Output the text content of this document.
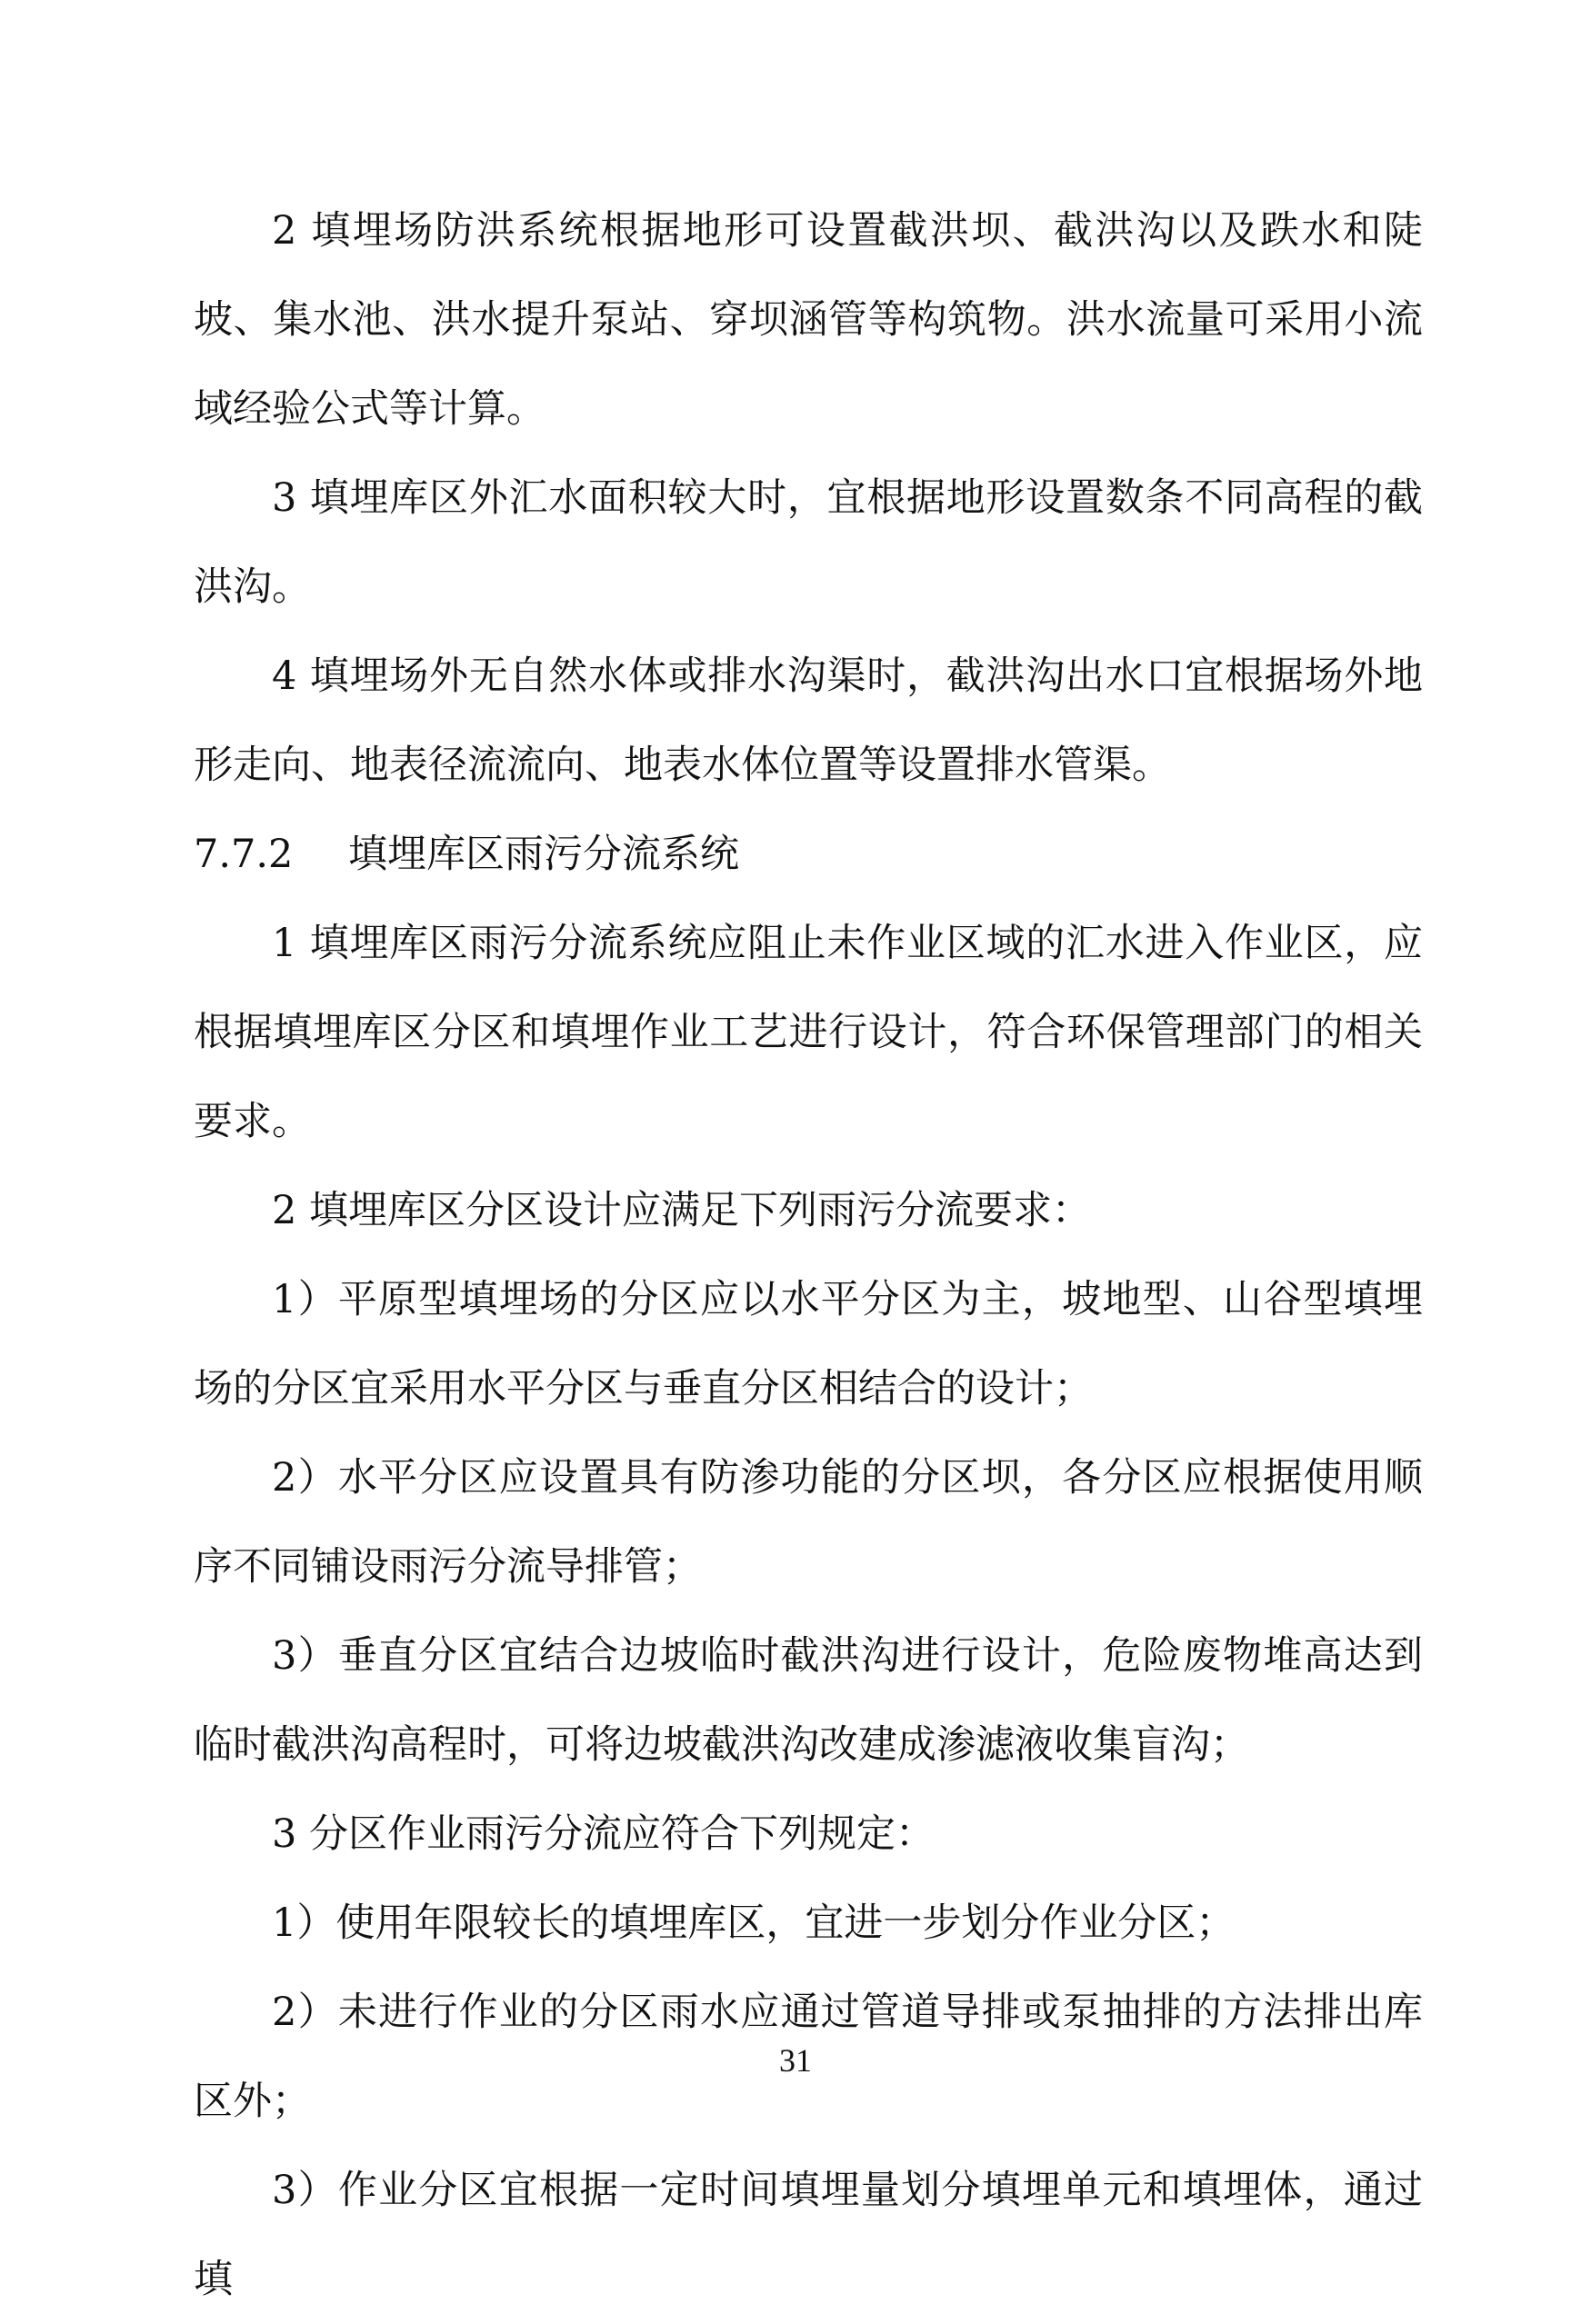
2 填埋场防洪系统根据地形可设置截洪坝、截洪沟以及跌水和陡坡、集水池、洪水提升泵站、穿坝涵管等构筑物。洪水流量可采用小流域经验公式等计算。

3 填埋库区外汇水面积较大时，宜根据地形设置数条不同高程的截洪沟。

4 填埋场外无自然水体或排水沟渠时，截洪沟出水口宜根据场外地形走向、地表径流流向、地表水体位置等设置排水管渠。

7.7.2 填埋库区雨污分流系统

1 填埋库区雨污分流系统应阻止未作业区域的汇水进入作业区，应根据填埋库区分区和填埋作业工艺进行设计，符合环保管理部门的相关要求。

2 填埋库区分区设计应满足下列雨污分流要求：

1）平原型填埋场的分区应以水平分区为主，坡地型、山谷型填埋场的分区宜采用水平分区与垂直分区相结合的设计；

2）水平分区应设置具有防渗功能的分区坝，各分区应根据使用顺序不同铺设雨污分流导排管；

3）垂直分区宜结合边坡临时截洪沟进行设计，危险废物堆高达到临时截洪沟高程时，可将边坡截洪沟改建成渗滤液收集盲沟；

3 分区作业雨污分流应符合下列规定：

1）使用年限较长的填埋库区，宜进一步划分作业分区；

2）未进行作业的分区雨水应通过管道导排或泵抽排的方法排出库区外；

3）作业分区宜根据一定时间填埋量划分填埋单元和填埋体，通过填

31
